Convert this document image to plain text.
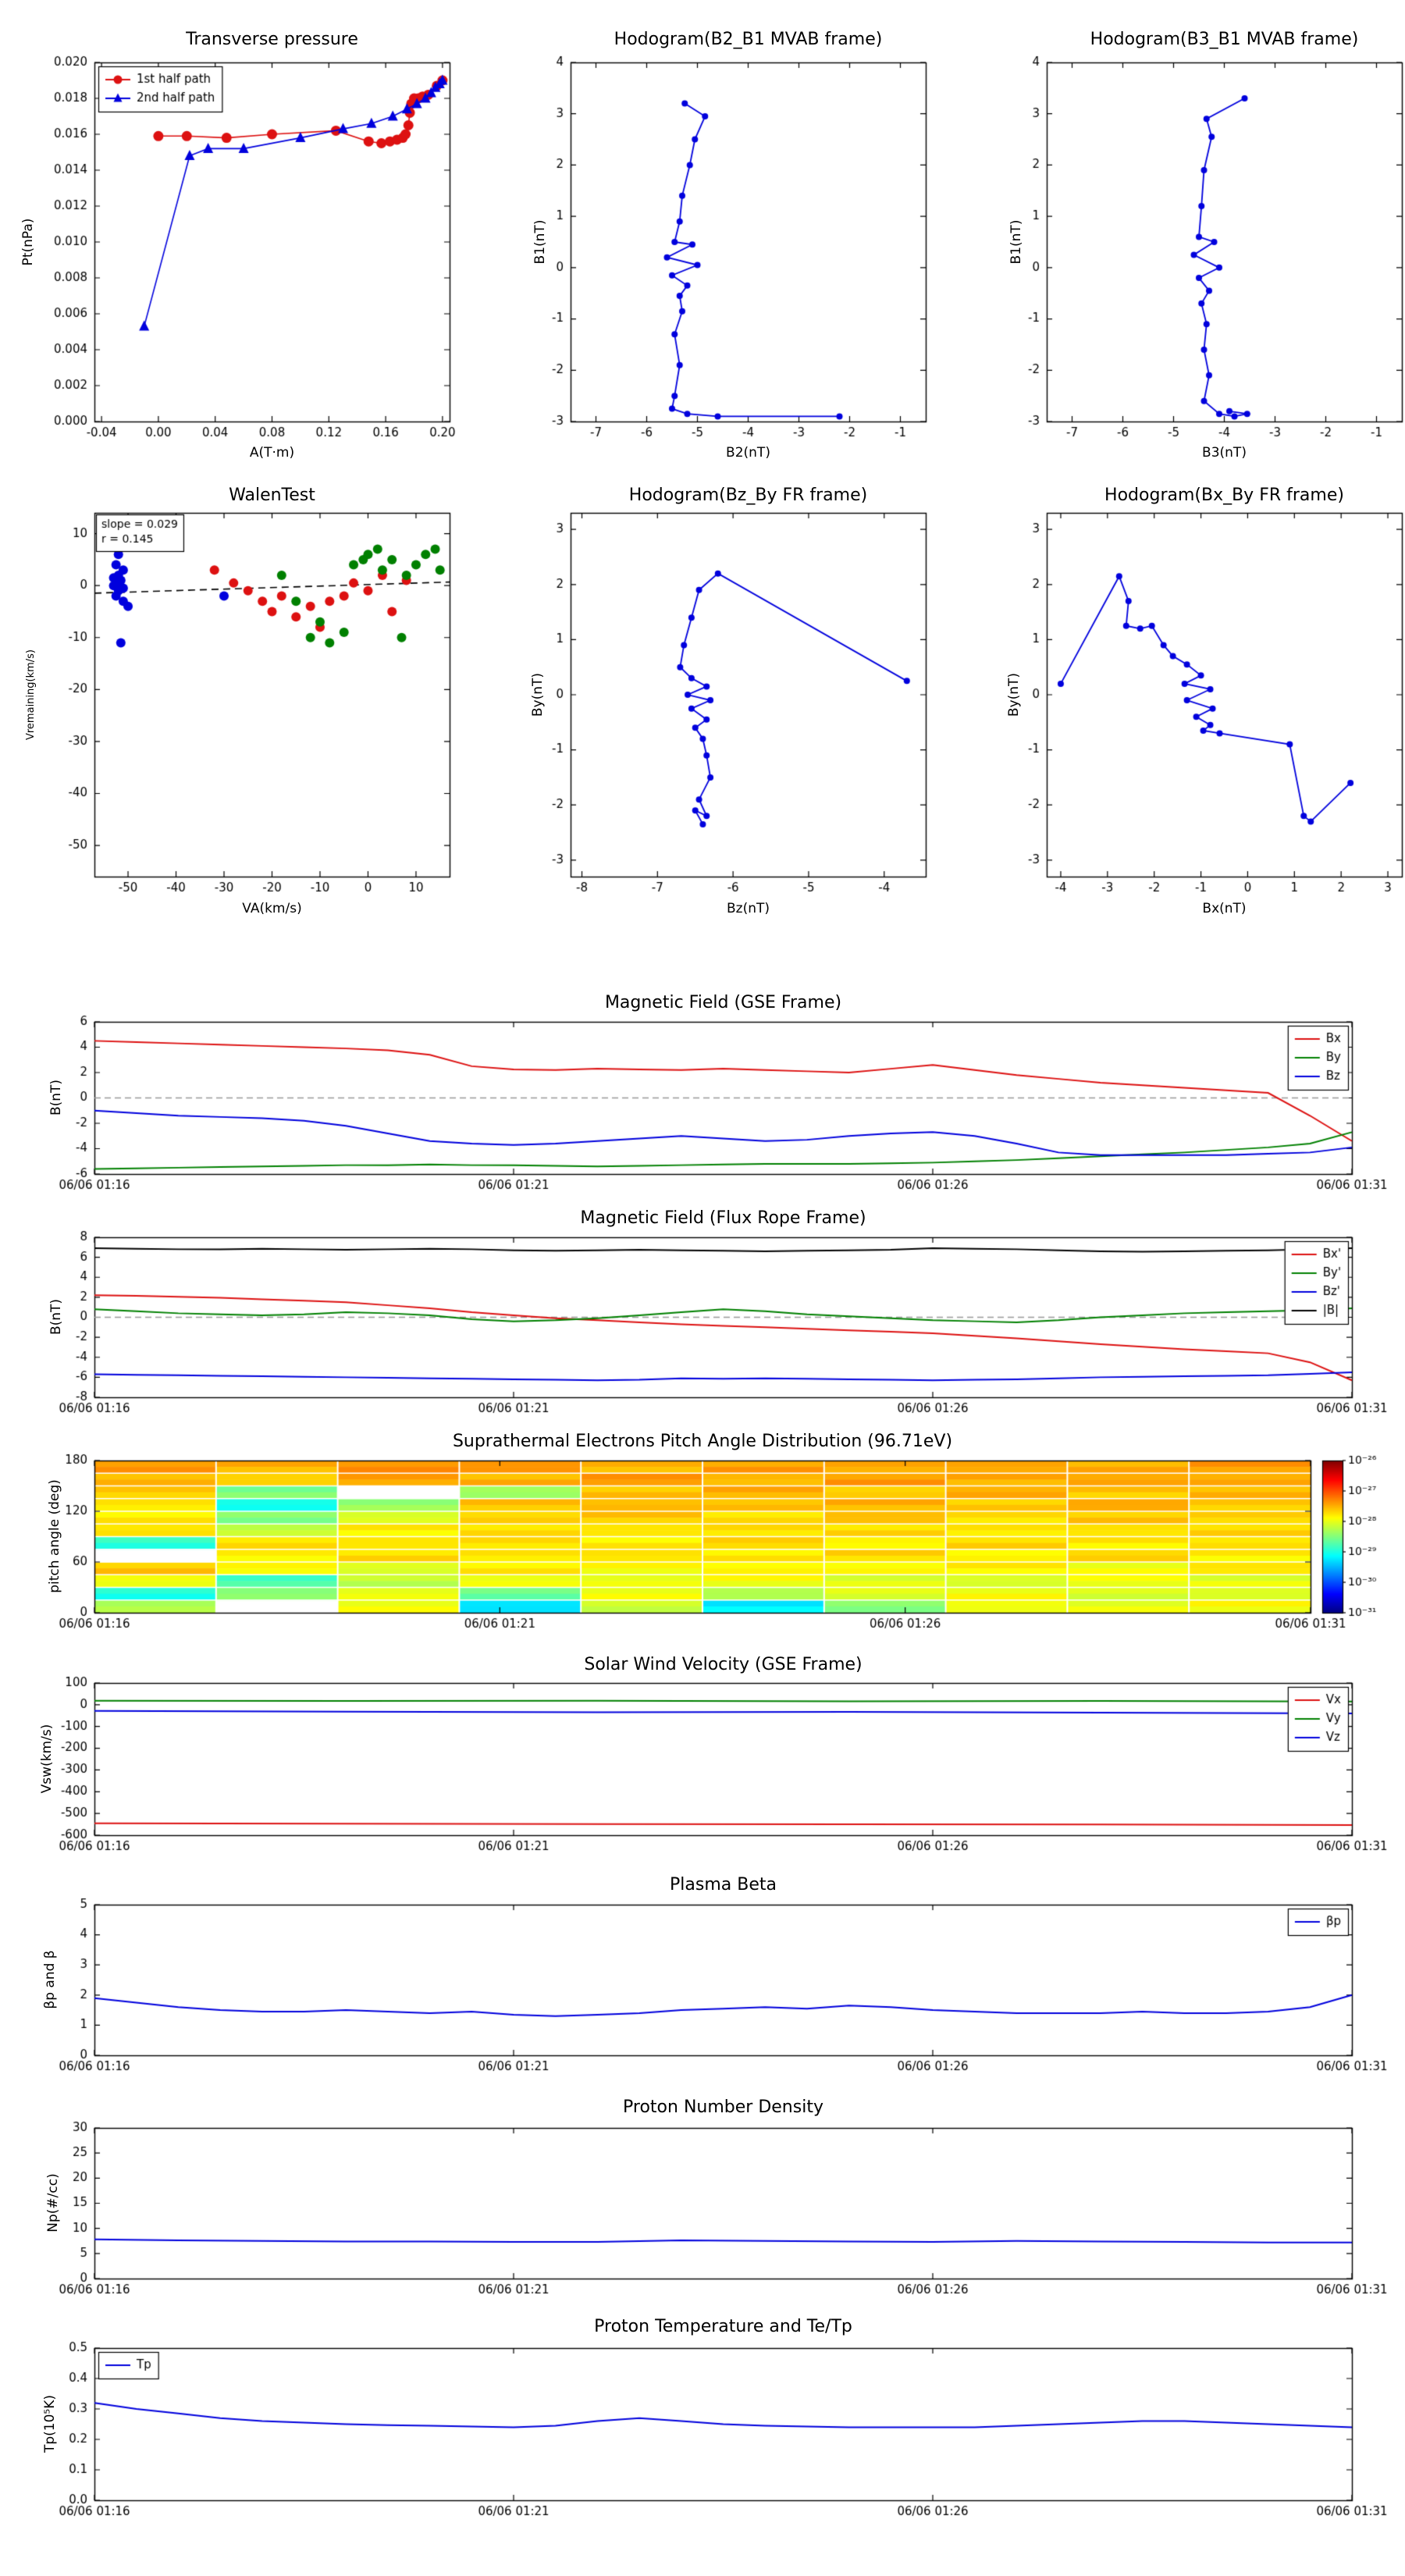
Transverse pressure	Hodogram(B2_B1 MVAB frame)	Hodogram(B3_B1 MVAB frame)
WalenTest	Hodogram(Bz_By FR frame)	Hodogram(Bx_By FR frame)
Magnetic Field (GSE Frame)
Magnetic Field (Flux Rope Frame)
Suprathermal Electrons Pitch Angle Distribution (96.71eV)
Solar Wind Velocity (GSE Frame)
Plasma Beta
Proton Number Density
Proton Temperature and Te/Tp
A(T·m)	B2(nT)	B3(nT)
VA(km/s)	Bz(nT)	Bx(nT)
Pt(nPa)	B1(nT)	B1(nT)
Vremaining(km/s)	By(nT)	By(nT)
B(nT)
B(nT)
pitch angle (deg)
Vsw(km/s)
βp and β
Np(#/cc)
Tp(10⁵K)
